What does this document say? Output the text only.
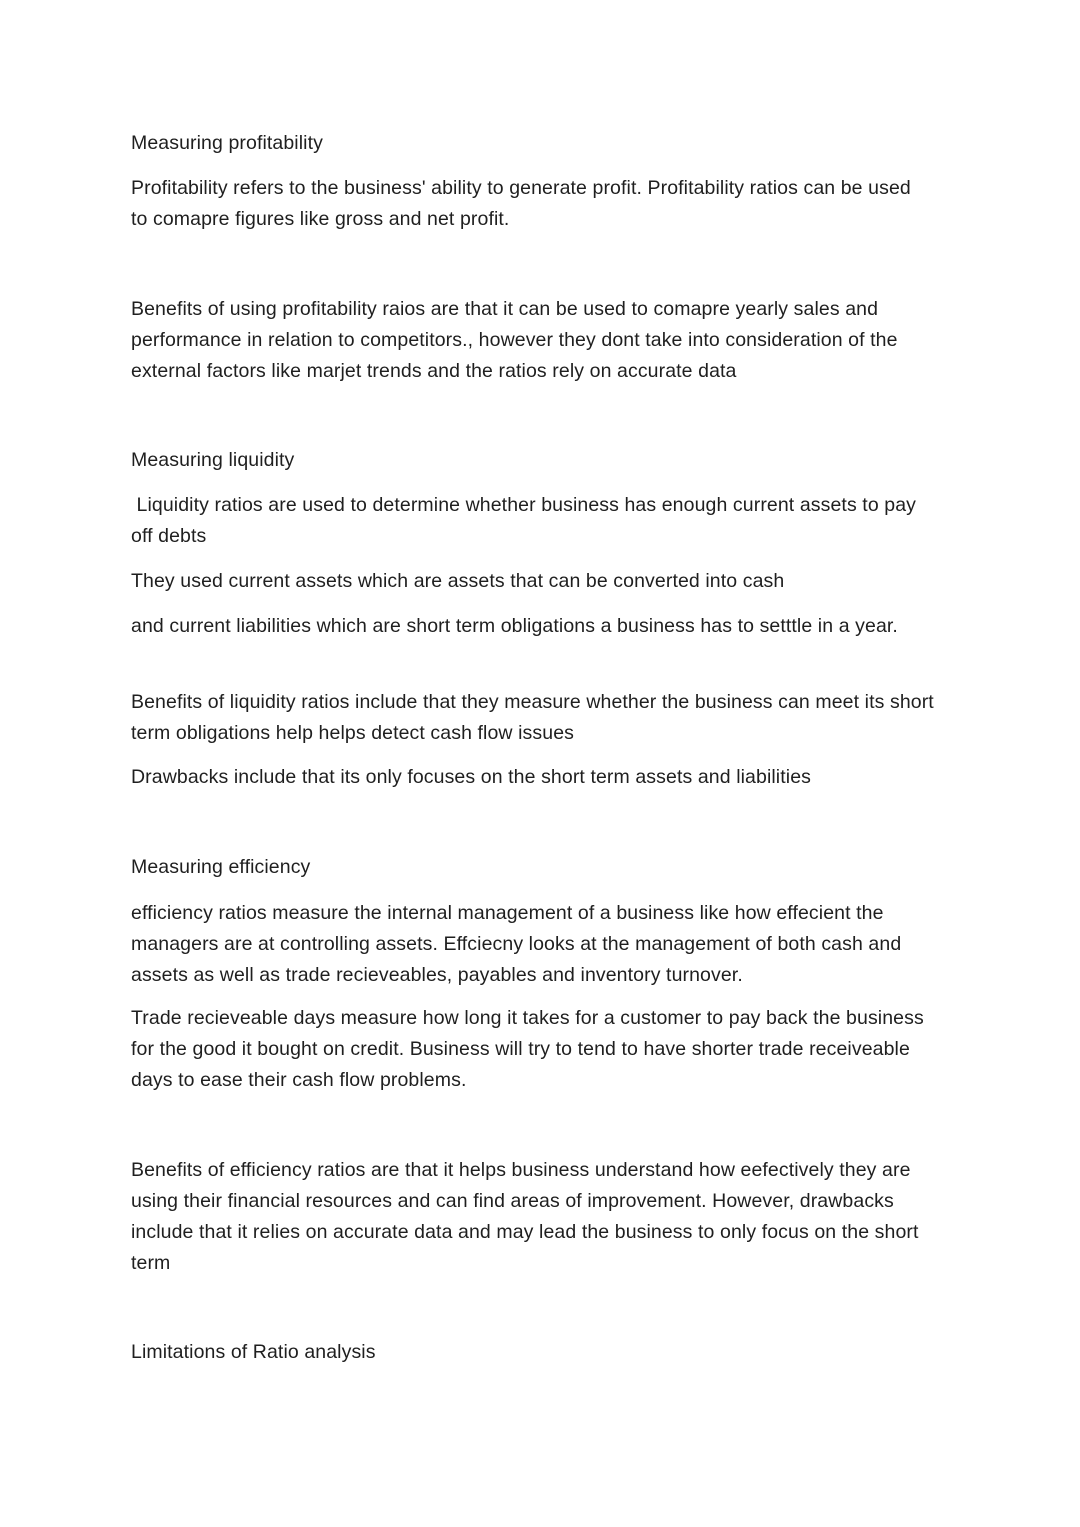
Measuring profitability

Profitability refers to the business' ability to generate profit. Profitability ratios can be used to comapre figures like gross and net profit.

Benefits of using profitability raios are that it can be used to comapre yearly sales and performance in relation to competitors., however they dont take into consideration of the external factors like marjet trends and the ratios rely on accurate data

Measuring liquidity

Liquidity ratios are used to determine whether business has enough current assets to pay off debts

They used current assets which are assets that can be converted into cash

and current liabilities which are short term obligations a business has to setttle in a year.

Benefits of liquidity ratios include that they measure whether the business can meet its short term obligations help helps detect cash flow issues

Drawbacks include that its only focuses on the short term assets and liabilities

Measuring efficiency

efficiency ratios measure the internal management of a business like how effecient the managers are at controlling assets. Effciecny looks at the management of both cash and assets as well as trade recieveables, payables and inventory turnover.

Trade recieveable days measure how long it takes for a customer to pay back the business for the good it bought on credit. Business will try to tend to have shorter trade receiveable days to ease their cash flow problems.

Benefits of efficiency ratios are that it helps business understand how eefectively they are using their financial resources and can find areas of improvement. However, drawbacks include that it relies on accurate data and may lead the business to only focus on the short term

Limitations of Ratio analysis
